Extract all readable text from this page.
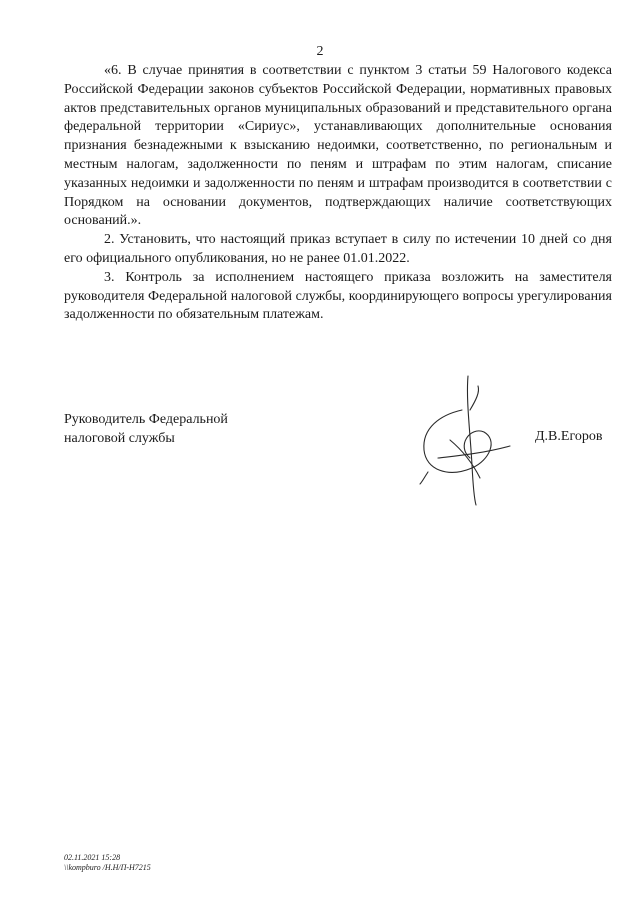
2

«6. В случае принятия в соответствии с пунктом 3 статьи 59 Налогового кодекса Российской Федерации законов субъектов Российской Федерации, нормативных правовых актов представительных органов муниципальных образований и представительного органа федеральной территории «Сириус», устанавливающих дополнительные основания признания безнадежными к взысканию недоимки, соответственно, по региональным и местным налогам, задолженности по пеням и штрафам по этим налогам, списание указанных недоимки и задолженности по пеням и штрафам производится в соответствии с Порядком на основании документов, подтверждающих наличие соответствующих оснований.».

2. Установить, что настоящий приказ вступает в силу по истечении 10 дней со дня его официального опубликования, но не ранее 01.01.2022.

3. Контроль за исполнением настоящего приказа возложить на заместителя руководителя Федеральной налоговой службы, координирующего вопросы урегулирования задолженности по обязательным платежам.

Руководитель Федеральной
налоговой службы	Д.В.Егоров
02.11.2021 15:28
\\kompburo /Н.Н/П-Н7215
